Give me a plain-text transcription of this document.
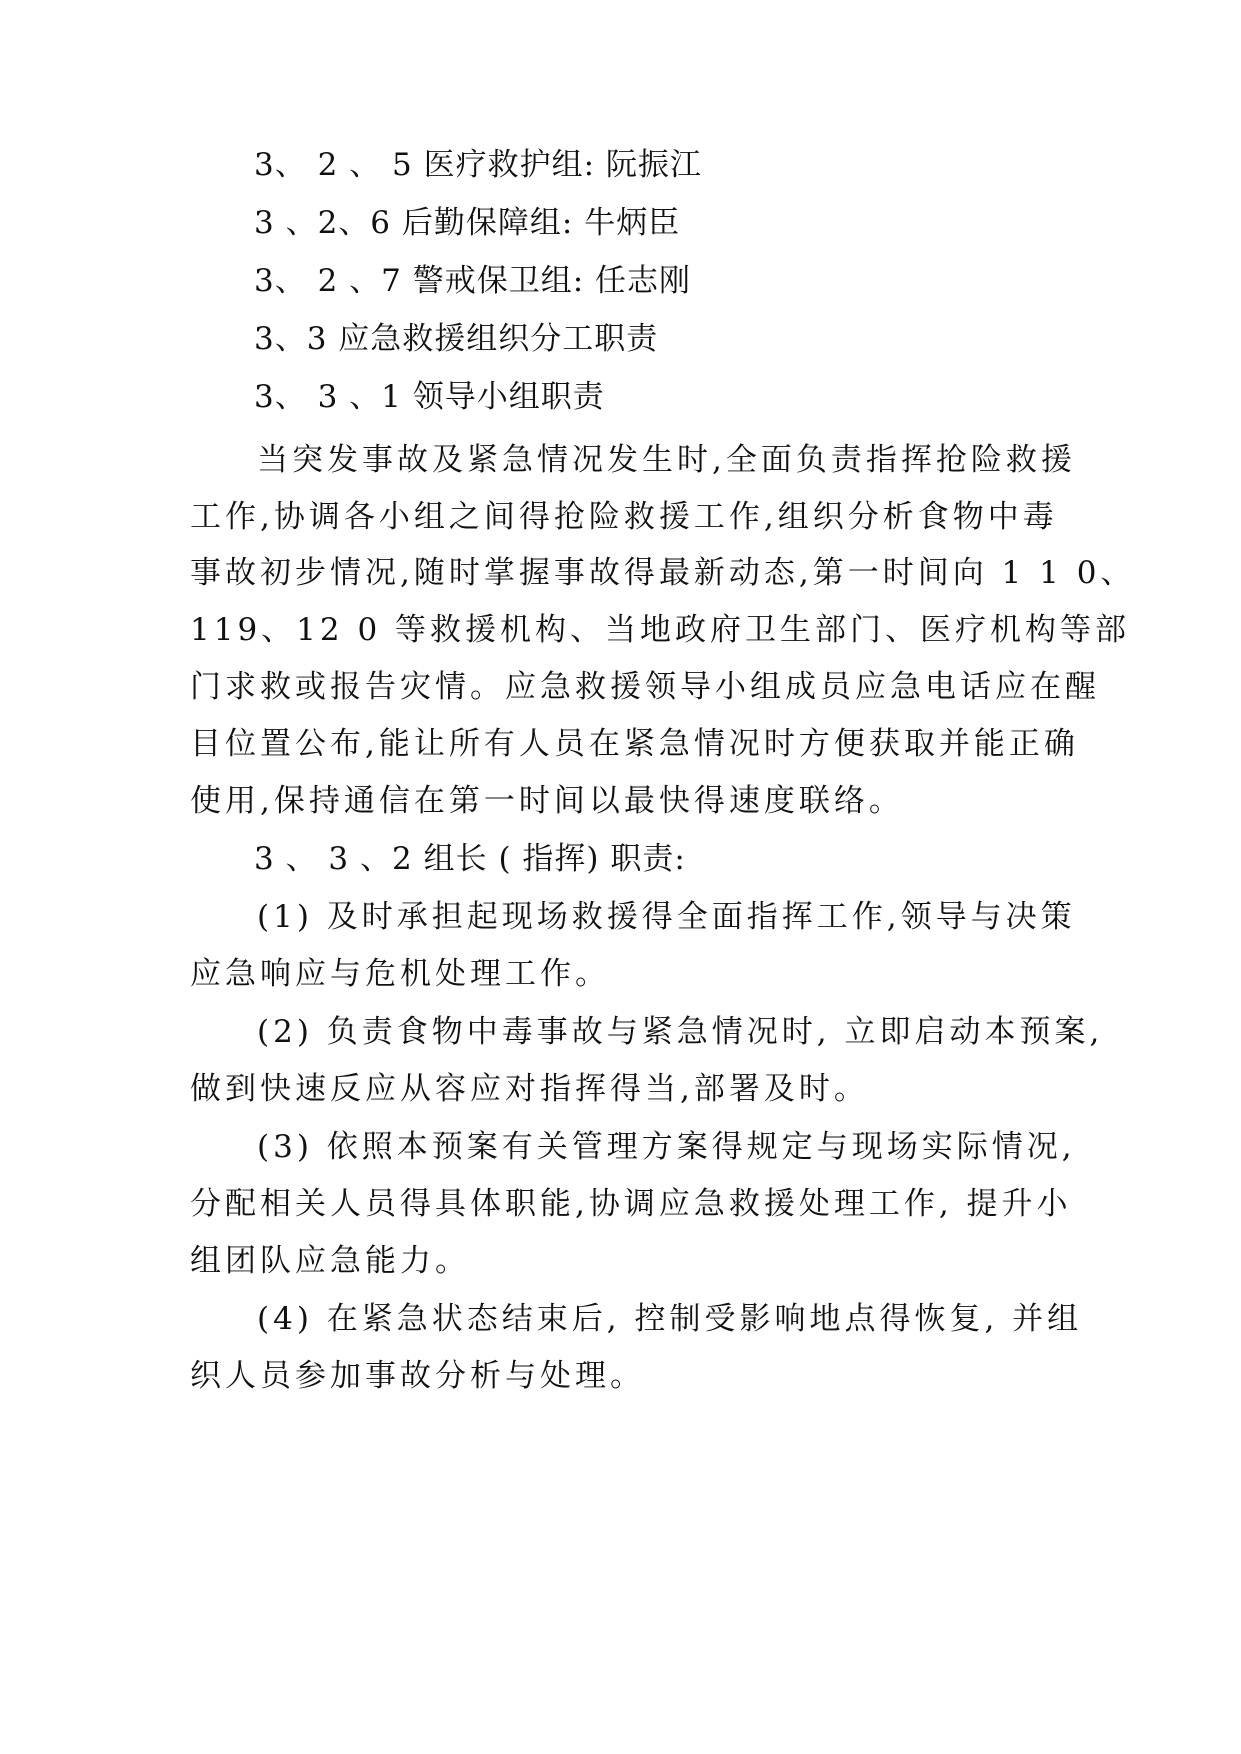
3、 2 、 5 医疗救护组: 阮振江
3 、2、6 后勤保障组: 牛炳臣
3、 2 、7 警戒保卫组: 任志刚
3、3 应急救援组织分工职责
3、 3 、1 领导小组职责
当突发事故及紧急情况发生时,全面负责指挥抢险救援
工作,协调各小组之间得抢险救援工作,组织分析食物中毒
事故初步情况,随时掌握事故得最新动态,第一时间向 1 1 0、
119、12 0 等救援机构、当地政府卫生部门、医疗机构等部
门求救或报告灾情。应急救援领导小组成员应急电话应在醒
目位置公布,能让所有人员在紧急情况时方便获取并能正确
使用,保持通信在第一时间以最快得速度联络。
3 、 3 、2 组长 ( 指挥) 职责:
(1) 及时承担起现场救援得全面指挥工作,领导与决策
应急响应与危机处理工作。
(2) 负责食物中毒事故与紧急情况时, 立即启动本预案,
做到快速反应从容应对指挥得当,部署及时。
(3) 依照本预案有关管理方案得规定与现场实际情况,
分配相关人员得具体职能,协调应急救援处理工作, 提升小
组团队应急能力。
(4) 在紧急状态结束后, 控制受影响地点得恢复, 并组
织人员参加事故分析与处理。
